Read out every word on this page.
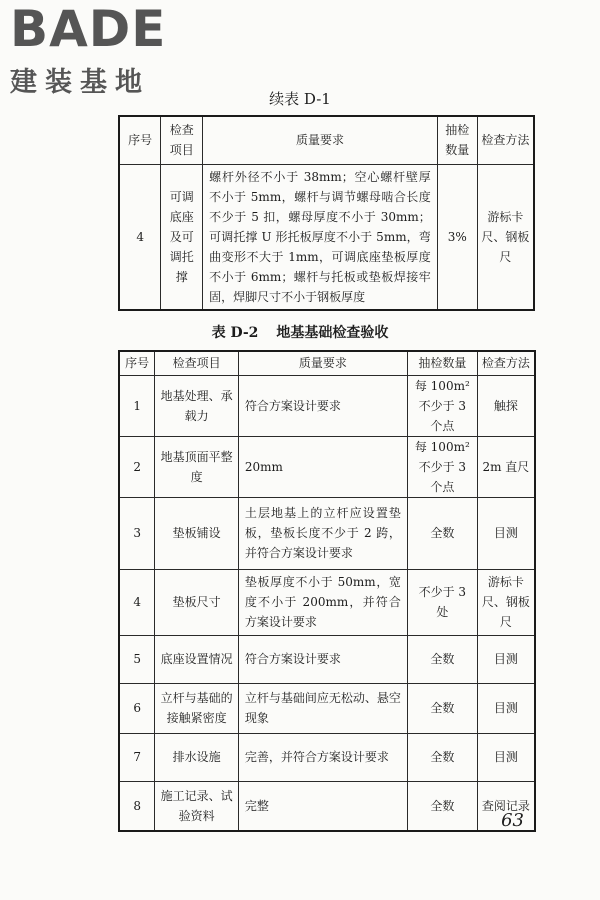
BADE
建装基地
续表 D-1
序号	检查项目	质量要求	抽检数量	检查方法
4	可调底座及可调托撑	螺杆外径不小于 38mm；空心螺杆壁厚不小于 5mm，螺杆与调节螺母啮合长度不少于 5 扣，螺母厚度不小于 30mm；可调托撑 U 形托板厚度不小于 5mm，弯曲变形不大于 1mm，可调底座垫板厚度不小于 6mm；螺杆与托板或垫板焊接牢固，焊脚尺寸不小于钢板厚度	3%	游标卡尺、钢板尺
表 D-2 地基基础检查验收
序号	检查项目	质量要求	抽检数量	检查方法
1	地基处理、承载力	符合方案设计要求	每 100m² 不少于 3 个点	触探
2	地基顶面平整度	20mm	每 100m² 不少于 3 个点	2m 直尺
3	垫板铺设	土层地基上的立杆应设置垫板，垫板长度不少于 2 跨，并符合方案设计要求	全数	目测
4	垫板尺寸	垫板厚度不小于 50mm，宽度不小于 200mm，并符合方案设计要求	不少于 3 处	游标卡尺、钢板尺
5	底座设置情况	符合方案设计要求	全数	目测
6	立杆与基础的接触紧密度	立杆与基础间应无松动、悬空现象	全数	目测
7	排水设施	完善，并符合方案设计要求	全数	目测
8	施工记录、试验资料	完整	全数	查阅记录
63
